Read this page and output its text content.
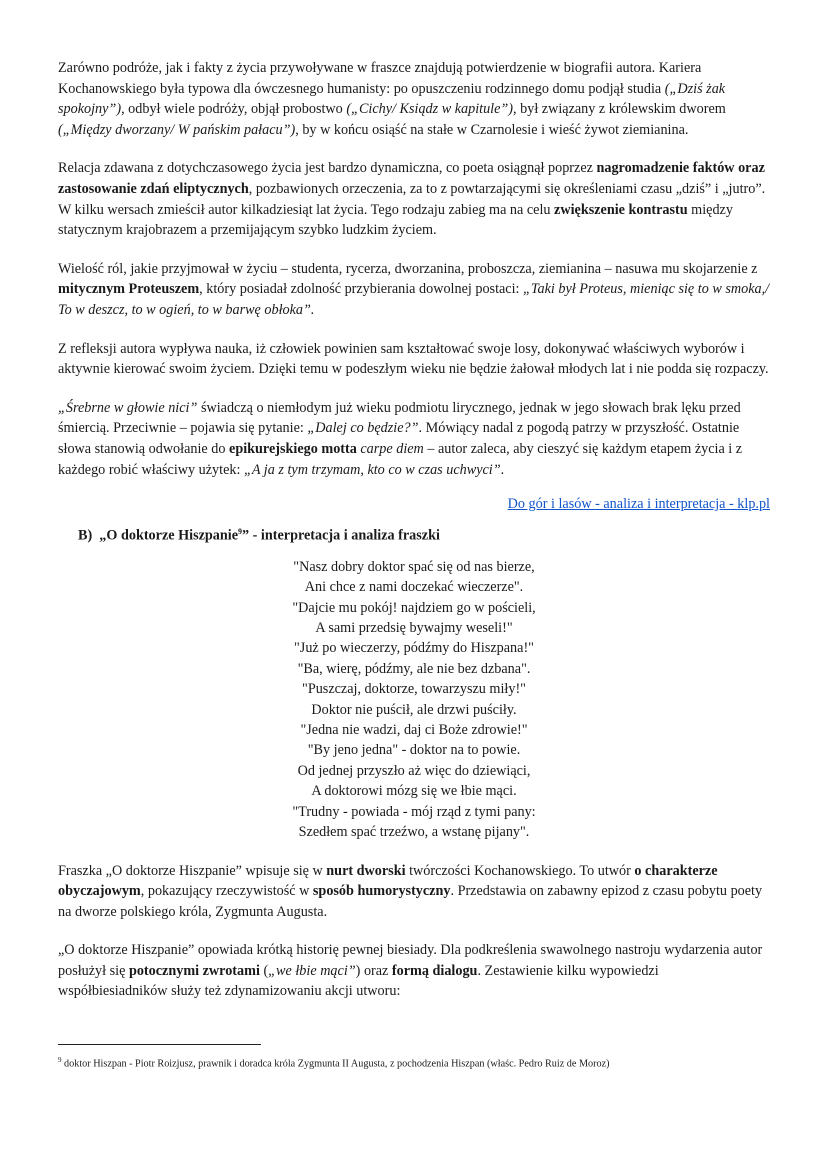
Zarówno podróże, jak i fakty z życia przywoływane w fraszce znajdują potwierdzenie w biografii autora. Kariera Kochanowskiego była typowa dla ówczesnego humanisty: po opuszczeniu rodzinnego domu podjął studia („Dziś żak spokojny”), odbył wiele podróży, objął probostwo („Cichy/ Ksiądz w kapitule”), był związany z królewskim dworem („Między dworzany/ W pańskim pałacu”), by w końcu osiąść na stałe w Czarnolesie i wieść żywot ziemianina.

Relacja zdawana z dotychczasowego życia jest bardzo dynamiczna, co poeta osiągnął poprzez nagromadzenie faktów oraz zastosowanie zdań eliptycznych, pozbawionych orzeczenia, za to z powtarzającymi się określeniami czasu „dziś” i „jutro”. W kilku wersach zmieścił autor kilkadziesiąt lat życia. Tego rodzaju zabieg ma na celu zwiększenie kontrastu między statycznym krajobrazem a przemijającym szybko ludzkim życiem.

Wielość ról, jakie przyjmował w życiu – studenta, rycerza, dworzanina, proboszcza, ziemianina – nasuwa mu skojarzenie z mitycznym Proteuszem, który posiadał zdolność przybierania dowolnej postaci: „Taki był Proteus, mieniąc się to w smoka,/ To w deszcz, to w ogień, to w barwę obłoka”.

Z refleksji autora wypływa nauka, iż człowiek powinien sam kształtować swoje losy, dokonywać właściwych wyborów i aktywnie kierować swoim życiem. Dzięki temu w podeszłym wieku nie będzie żałował młodych lat i nie podda się rozpaczy.

„Śrebrne w głowie nici” świadczą o niemłodym już wieku podmiotu lirycznego, jednak w jego słowach brak lęku przed śmiercią. Przeciwnie – pojawia się pytanie: „Dalej co będzie?”. Mówiący nadal z pogodą patrzy w przyszłość. Ostatnie słowa stanowią odwołanie do epikurejskiego motta carpe diem – autor zaleca, aby cieszyć się każdym etapem życia i z każdego robić właściwy użytek: „A ja z tym trzymam, kto co w czas uchwyci”.

Do gór i lasów - analiza i interpretacja - klp.pl
B) „O doktorze Hiszpanie$^9$” - interpretacja i analiza fraszki
"Nasz dobry doktor spać się od nas bierze,
Ani chce z nami doczekać wieczerze".
"Dajcie mu pokój! najdziem go w pościeli,
A sami przedsię bywajmy weseli!"
"Już po wieczerzy, pódźmy do Hiszpana!"
"Ba, wierę, pódźmy, ale nie bez dzbana".
"Puszczaj, doktorze, towarzyszu miły!"
Doktor nie puścił, ale drzwi puściły.
"Jedna nie wadzi, daj ci Boże zdrowie!"
"By jeno jedna" - doktor na to powie.
Od jednej przyszło aż więc do dziewiąci,
A doktorowi mózg się we łbie mąci.
"Trudny - powiada - mój rząd z tymi pany:
Szedłem spać trzeźwo, a wstanę pijany".

Fraszka „O doktorze Hiszpanie” wpisuje się w nurt dworski twórczości Kochanowskiego. To utwór o charakterze obyczajowym, pokazujący rzeczywistość w sposób humorystyczny. Przedstawia on zabawny epizod z czasu pobytu poety na dworze polskiego króla, Zygmunta Augusta.

„O doktorze Hiszpanie” opowiada krótką historię pewnej biesiady. Dla podkreślenia swawolnego nastroju wydarzenia autor posłużył się potocznymi zwrotami („we łbie mąci”) oraz formą dialogu. Zestawienie kilku wypowiedzi współbiesiadników służy też zdynamizowaniu akcji utworu:

$^9$ doktor Hiszpan - Piotr Roizjusz, prawnik i doradca króla Zygmunta II Augusta, z pochodzenia Hiszpan (właśc. Pedro Ruiz de Moroz)
